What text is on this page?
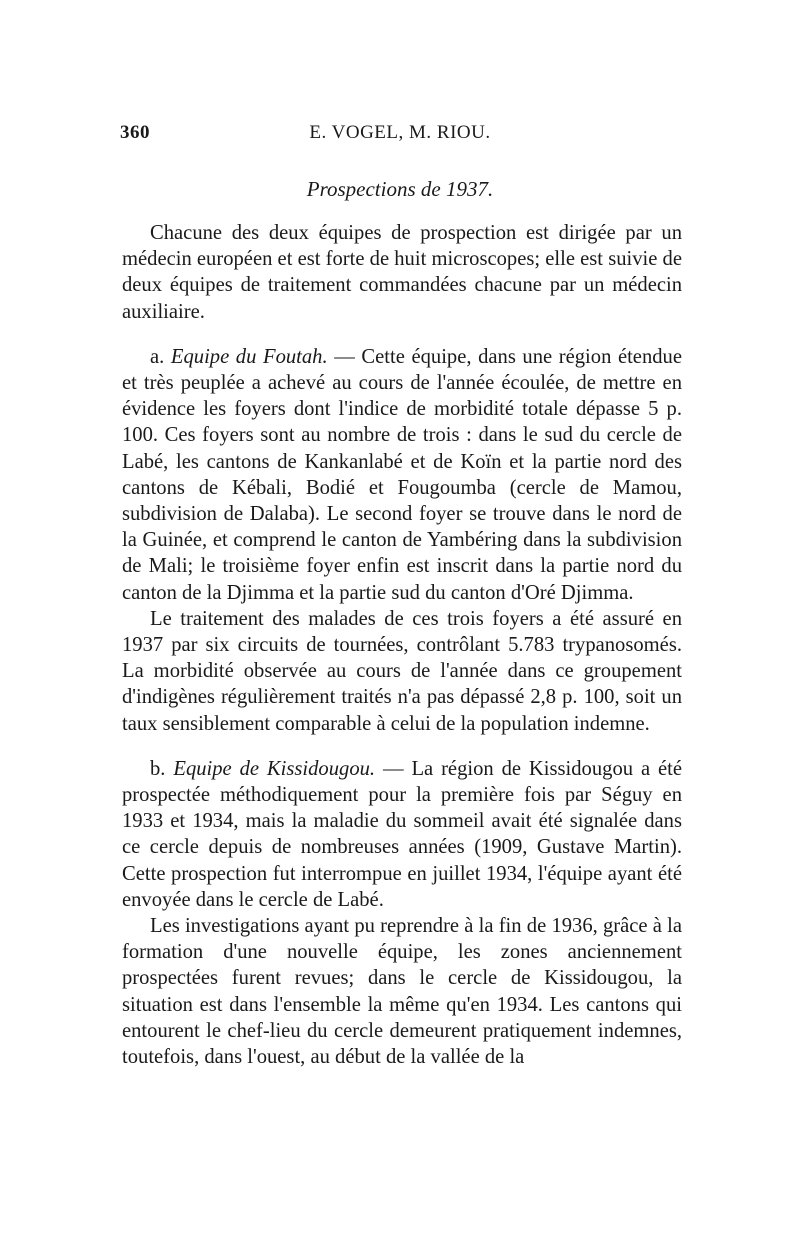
360	E. VOGEL, M. RIOU.
Prospections de 1937.

Chacune des deux équipes de prospection est dirigée par un médecin européen et est forte de huit microscopes; elle est suivie de deux équipes de traitement commandées chacune par un médecin auxiliaire.

a. Equipe du Foutah. — Cette équipe, dans une région étendue et très peuplée a achevé au cours de l'année écoulée, de mettre en évidence les foyers dont l'indice de morbidité totale dépasse 5 p. 100. Ces foyers sont au nombre de trois : dans le sud du cercle de Labé, les cantons de Kankanlabé et de Koïn et la partie nord des cantons de Kébali, Bodié et Fougoumba (cercle de Mamou, subdivision de Dalaba). Le second foyer se trouve dans le nord de la Guinée, et comprend le canton de Yambéring dans la subdivision de Mali; le troisième foyer enfin est inscrit dans la partie nord du canton de la Djimma et la partie sud du canton d'Oré Djimma.

Le traitement des malades de ces trois foyers a été assuré en 1937 par six circuits de tournées, contrôlant 5.783 trypanosomés. La morbidité observée au cours de l'année dans ce groupement d'indigènes régulièrement traités n'a pas dépassé 2,8 p. 100, soit un taux sensiblement comparable à celui de la population indemne.

b. Equipe de Kissidougou. — La région de Kissidougou a été prospectée méthodiquement pour la première fois par Séguy en 1933 et 1934, mais la maladie du sommeil avait été signalée dans ce cercle depuis de nombreuses années (1909, Gustave Martin). Cette prospection fut interrompue en juillet 1934, l'équipe ayant été envoyée dans le cercle de Labé.

Les investigations ayant pu reprendre à la fin de 1936, grâce à la formation d'une nouvelle équipe, les zones anciennement prospectées furent revues; dans le cercle de Kissidougou, la situation est dans l'ensemble la même qu'en 1934. Les cantons qui entourent le chef-lieu du cercle demeurent pratiquement indemnes, toutefois, dans l'ouest, au début de la vallée de la
